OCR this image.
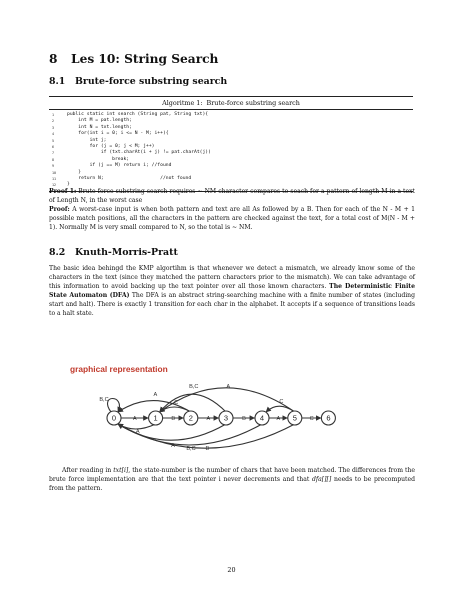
8 Les 10: String Search
8.1 Brute-force substring search
Algoritme 1: Brute-force substring search
1	public static int search (String pat, String txt){
2	int M = pat.length;
3	int N = txt.length;
4	for(int i = 0; i <= N - M; i++){
5	int j;
6	for (j = 0; j < M; j++)
7	if (txt.charAt(i + j) != pat.charAt(j))
8	break;
9	if (j == M) return i; //found
10	}
11	return N;                    //not found
12	}

Proof 1: Brute-force substring search requires ~ NM character compares to seach for a pattern of length M in a text of Length N, in the worst case

Proof: A worst-case input is when both pattern and text are all As followed by a B. Then for each of the N - M + 1 possible match positions, all the characters in the pattern are checked against the text, for a total cost of M(N - M + 1). Normally M is very small compared to N, so the total is ~ NM.

8.2 Knuth-Morris-Pratt

The basic idea behingd the KMP algortihm is that whenever we detect a mismatch, we already know some of the characters in the text (since they matched the pattern characters prior to the mismatch). We can take advantage of this information to avoid backing up the text pointer over all those known characters. The Deterministic Finite State Automaton (DFA) The DFA is an abstract string-searching machine with a finite number of states (including start and halt). There is exactly 1 transition for each char in the alphabet. It accepts if a sequence of transitions leads to a halt state.

graphical representation

0	1	2	3	4	5	6
A	B	A	B	A	C
B,C
A
C
A
B,C
B,C
A
C
B
A

After reading in txt[i], the state-number is the number of chars that have been matched. The differences from the brute force implementation are that the text pointer i never decrements and that dfa[][] needs to be precomputed from the pattern.

20
